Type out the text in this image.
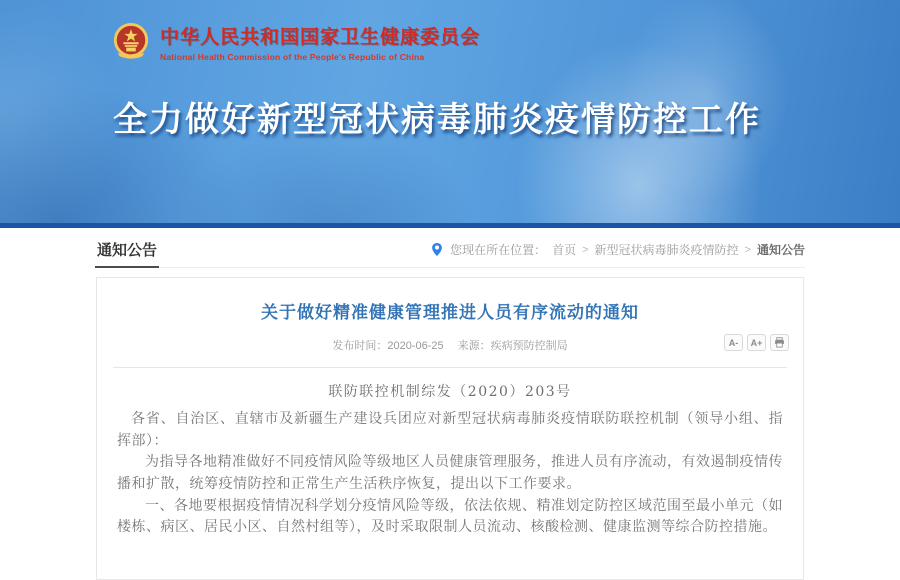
中华人民共和国国家卫生健康委员会
National Health Commission of the People's Republic of China
全力做好新型冠状病毒肺炎疫情防控工作
通知公告	您现在所在位置： 首页 > 新型冠状病毒肺炎疫情防控 > 通知公告
关于做好精准健康管理推进人员有序流动的通知
发布时间：2020-06-25 来源：疾病预防控制局	A-	A+
联防联控机制综发（2020）203号

各省、自治区、直辖市及新疆生产建设兵团应对新型冠状病毒肺炎疫情联防联控机制（领导小组、指挥部）：

为指导各地精准做好不同疫情风险等级地区人员健康管理服务，推进人员有序流动，有效遏制疫情传播和扩散，统筹疫情防控和正常生产生活秩序恢复，提出以下工作要求。

一、各地要根据疫情情况科学划分疫情风险等级，依法依规、精准划定防控区域范围至最小单元（如楼栋、病区、居民小区、自然村组等），及时采取限制人员流动、核酸检测、健康监测等综合防控措施。
